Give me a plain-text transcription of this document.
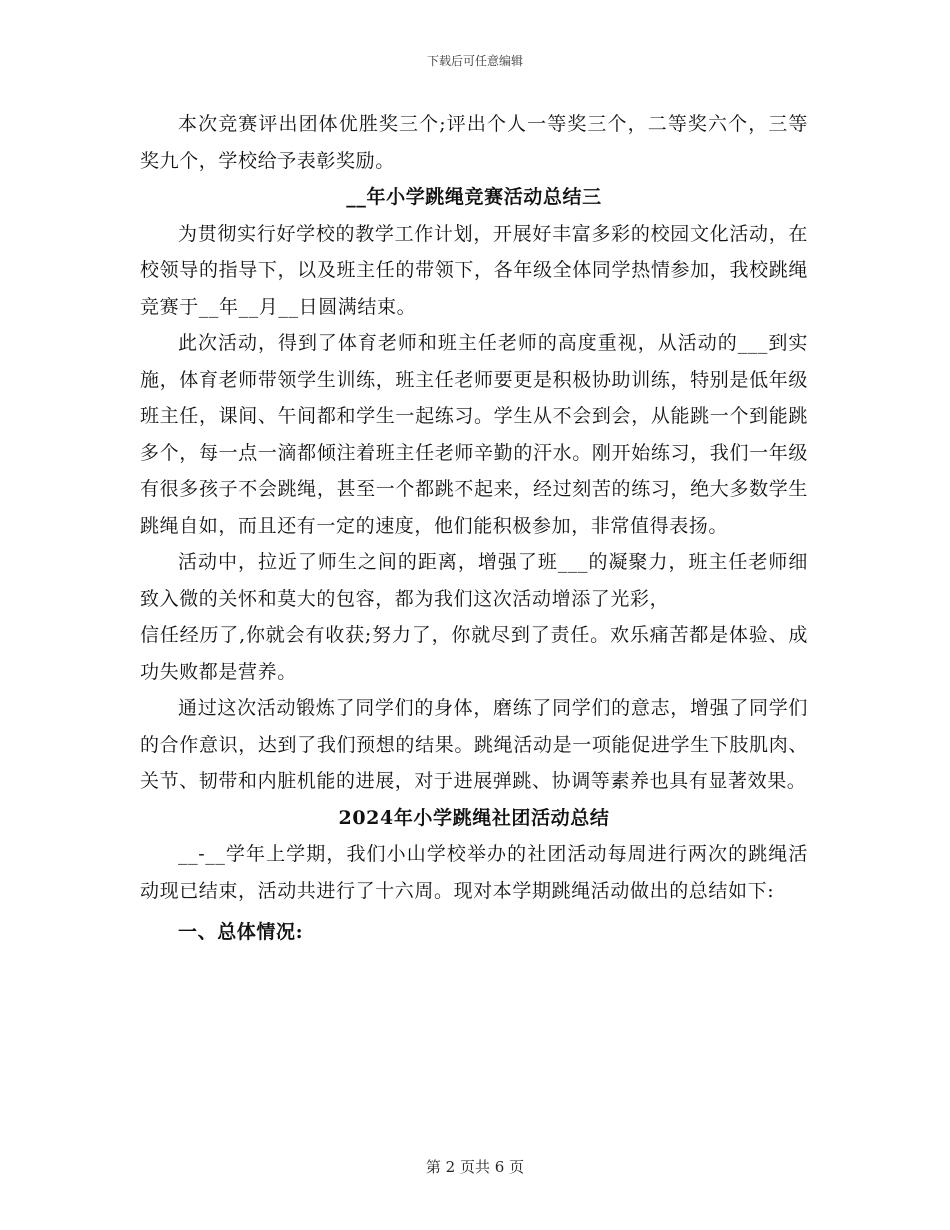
下载后可任意编辑

本次竞赛评出团体优胜奖三个;评出个人一等奖三个，二等奖六个，三等奖九个，学校给予表彰奖励。

__年小学跳绳竞赛活动总结三

为贯彻实行好学校的教学工作计划，开展好丰富多彩的校园文化活动，在校领导的指导下，以及班主任的带领下，各年级全体同学热情参加，我校跳绳竞赛于__年__月__日圆满结束。

此次活动，得到了体育老师和班主任老师的高度重视，从活动的___到实施，体育老师带领学生训练，班主任老师要更是积极协助训练，特别是低年级班主任，课间、午间都和学生一起练习。学生从不会到会，从能跳一个到能跳多个，每一点一滴都倾注着班主任老师辛勤的汗水。刚开始练习，我们一年级有很多孩子不会跳绳，甚至一个都跳不起来，经过刻苦的练习，绝大多数学生跳绳自如，而且还有一定的速度，他们能积极参加，非常值得表扬。

活动中，拉近了师生之间的距离，增强了班___的凝聚力，班主任老师细致入微的关怀和莫大的包容，都为我们这次活动增添了光彩，

信任经历了,你就会有收获;努力了，你就尽到了责任。欢乐痛苦都是体验、成功失败都是营养。

通过这次活动锻炼了同学们的身体，磨练了同学们的意志，增强了同学们的合作意识，达到了我们预想的结果。跳绳活动是一项能促进学生下肢肌肉、关节、韧带和内脏机能的进展，对于进展弹跳、协调等素养也具有显著效果。

2024年小学跳绳社团活动总结

__-__学年上学期，我们小山学校举办的社团活动每周进行两次的跳绳活动现已结束，活动共进行了十六周。现对本学期跳绳活动做出的总结如下:

一、总体情况:
第 2 页共 6 页
